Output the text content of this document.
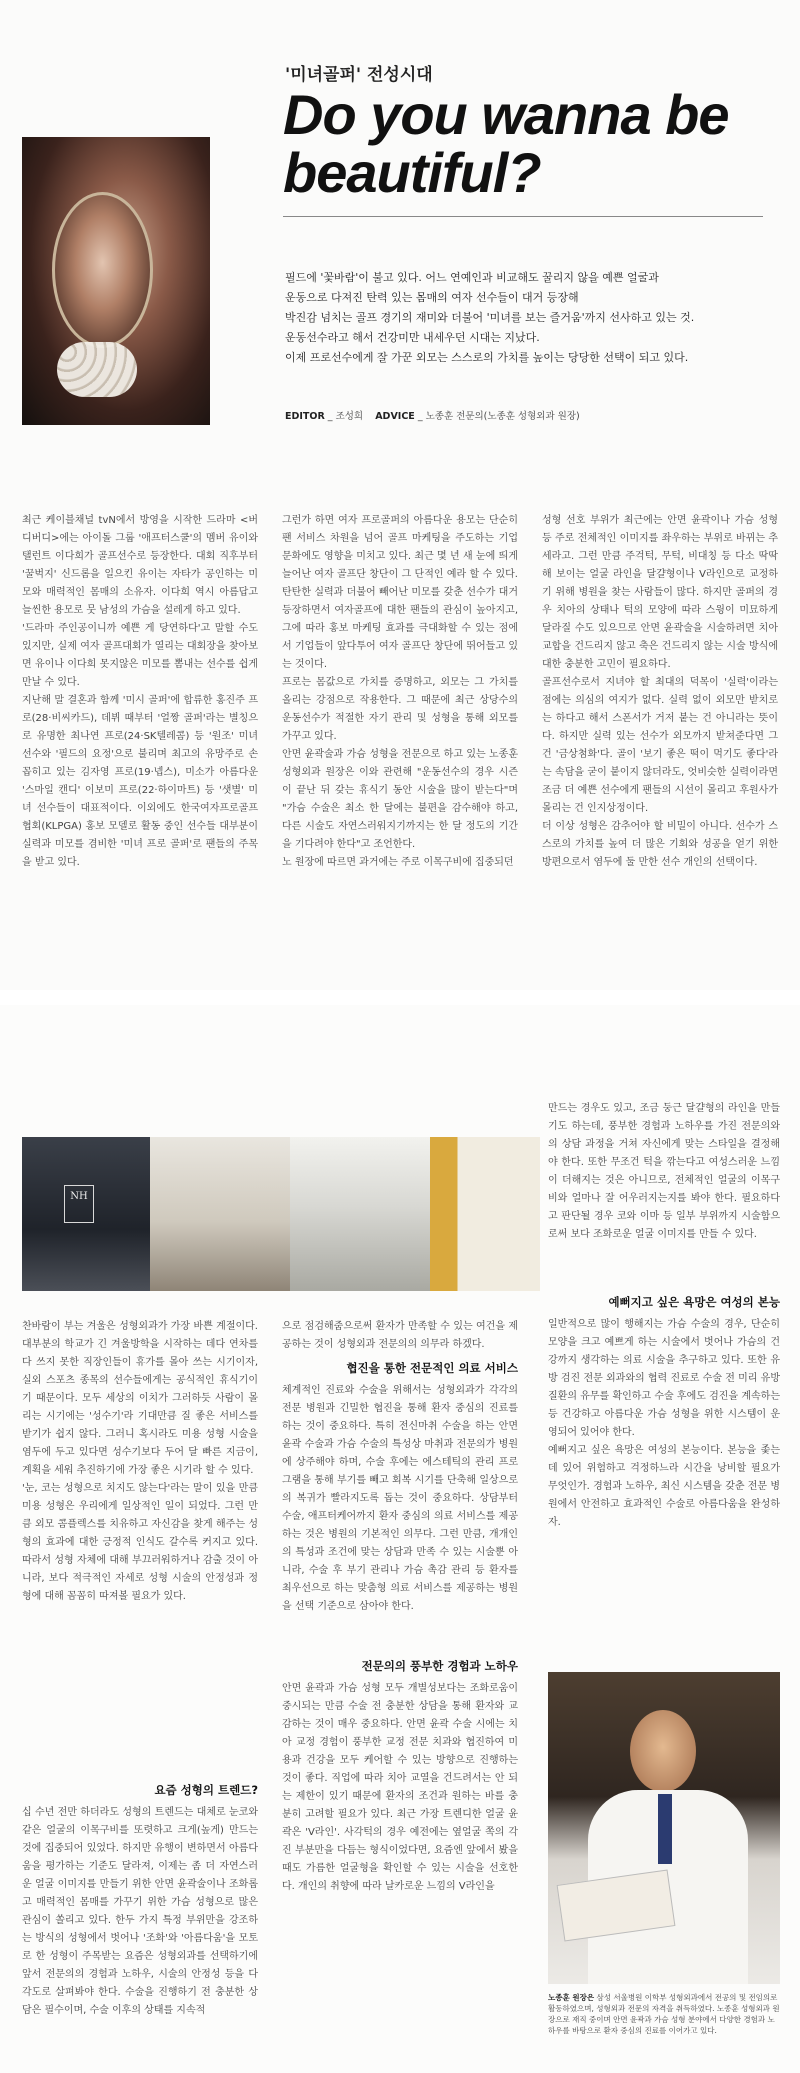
'미녀골퍼' 전성시대
Do you wanna be beautiful?

필드에 '꽃바람'이 불고 있다. 어느 연예인과 비교해도 꿀리지 않을 예쁜 얼굴과

운동으로 다져진 탄력 있는 몸매의 여자 선수들이 대거 등장해

박진감 넘치는 골프 경기의 재미와 더불어 '미녀를 보는 즐거움'까지 선사하고 있는 것.

운동선수라고 해서 건강미만 내세우던 시대는 지났다.

이제 프로선수에게 잘 가꾼 외모는 스스로의 가치를 높이는 당당한 선택이 되고 있다.

EDITOR _ 조성희 ADVICE _ 노종훈 전문의(노종훈 성형외과 원장)

최근 케이블채널 tvN에서 방영을 시작한 드라마 <버디버디>에는 아이돌 그룹 '애프터스쿨'의 멤버 유이와 탤런트 이다희가 골프선수로 등장한다. 대회 직후부터 '꿀벅지' 신드롬을 일으킨 유이는 자타가 공인하는 미모와 매력적인 몸매의 소유자. 이다희 역시 아름답고 늘씬한 용모로 뭇 남성의 가슴을 설레게 하고 있다.

'드라마 주인공이니까 예쁜 게 당연하다'고 말할 수도 있지만, 실제 여자 골프대회가 열리는 대회장을 찾아보면 유이나 이다희 못지않은 미모를 뽐내는 선수를 쉽게 만날 수 있다.

지난해 말 결혼과 함께 '미시 골퍼'에 합류한 홍진주 프로(28·비씨카드), 데뷔 때부터 '얼짱 골퍼'라는 별칭으로 유명한 최나연 프로(24·SK텔레콤) 등 '원조' 미녀 선수와 '필드의 요정'으로 불리며 최고의 유망주로 손꼽히고 있는 김자영 프로(19·넵스), 미소가 아름다운 '스마일 캔디' 이보미 프로(22·하이마트) 등 '샛별' 미녀 선수들이 대표적이다. 이외에도 한국여자프로골프협회(KLPGA) 홍보 모델로 활동 중인 선수들 대부분이 실력과 미모를 겸비한 '미녀 프로 골퍼'로 팬들의 주목을 받고 있다.

그런가 하면 여자 프로골퍼의 아름다운 용모는 단순히 팬 서비스 차원을 넘어 골프 마케팅을 주도하는 기업 문화에도 영향을 미치고 있다. 최근 몇 년 새 눈에 띄게 늘어난 여자 골프단 창단이 그 단적인 예라 할 수 있다. 탄탄한 실력과 더불어 빼어난 미모를 갖춘 선수가 대거 등장하면서 여자골프에 대한 팬들의 관심이 높아지고, 그에 따라 홍보 마케팅 효과를 극대화할 수 있는 점에서 기업들이 앞다투어 여자 골프단 창단에 뛰어들고 있는 것이다.

프로는 몸값으로 가치를 증명하고, 외모는 그 가치를 올리는 강점으로 작용한다. 그 때문에 최근 상당수의 운동선수가 적절한 자기 관리 및 성형을 통해 외모를 가꾸고 있다.

안면 윤곽술과 가슴 성형을 전문으로 하고 있는 노종훈 성형외과 원장은 이와 관련해 "운동선수의 경우 시즌이 끝난 뒤 갖는 휴식기 동안 시술을 많이 받는다"며 "가슴 수술은 최소 한 달에는 불편을 감수해야 하고, 다른 시술도 자연스러워지기까지는 한 달 정도의 기간을 기다려야 한다"고 조언한다.

노 원장에 따르면 과거에는 주로 이목구비에 집중되던

성형 선호 부위가 최근에는 안면 윤곽이나 가슴 성형 등 주로 전체적인 이미지를 좌우하는 부위로 바뀌는 추세라고. 그런 만큼 주걱턱, 무턱, 비대칭 등 다소 딱딱해 보이는 얼굴 라인을 달걀형이나 V라인으로 교정하기 위해 병원을 찾는 사람들이 많다. 하지만 골퍼의 경우 치아의 상태나 턱의 모양에 따라 스윙이 미묘하게 달라질 수도 있으므로 안면 윤곽술을 시술하려면 치아 교합을 건드리지 않고 축은 건드리지 않는 시술 방식에 대한 충분한 고민이 필요하다.

골프선수로서 지녀야 할 최대의 덕목이 '실력'이라는 점에는 의심의 여지가 없다. 실력 없이 외모만 받치로는 하다고 해서 스폰서가 거저 붙는 건 아니라는 뜻이다. 하지만 실력 있는 선수가 외모까지 받쳐준다면 그건 '금상첨화'다. 골이 '보기 좋은 떡이 먹기도 좋다'라는 속담을 굳이 붙이지 않더라도, 엇비슷한 실력이라면 조금 더 예쁜 선수에게 팬들의 시선이 몰리고 후원사가 몰리는 건 인지상정이다.

더 이상 성형은 감추어야 할 비밀이 아니다. 선수가 스스로의 가치를 높여 더 많은 기회와 성공을 얻기 위한 방편으로서 염두에 둘 만한 선수 개인의 선택이다.

NH

만드는 경우도 있고, 조금 둥근 달걀형의 라인을 만들기도 하는데, 풍부한 경험과 노하우를 가진 전문의와의 상담 과정을 거쳐 자신에게 맞는 스타일을 결정해야 한다. 또한 무조건 턱을 깎는다고 여성스러운 느낌이 더해지는 것은 아니므로, 전체적인 얼굴의 이목구비와 얼마나 잘 어우러지는지를 봐야 한다. 필요하다고 판단될 경우 코와 이마 등 일부 부위까지 시술함으로써 보다 조화로운 얼굴 이미지를 만들 수 있다.

예뻐지고 싶은 욕망은 여성의 본능

일반적으로 많이 행해지는 가슴 수술의 경우, 단순히 모양을 크고 예쁘게 하는 시술에서 벗어나 가슴의 건강까지 생각하는 의료 시술을 추구하고 있다. 또한 유방 검진 전문 외과와의 협력 진료로 수술 전 미리 유방 질환의 유무를 확인하고 수술 후에도 검진을 계속하는 등 건강하고 아름다운 가슴 성형을 위한 시스템이 운영되어 있어야 한다.

예뻐지고 싶은 욕망은 여성의 본능이다. 본능을 좇는데 있어 위험하고 걱정하느라 시간을 낭비할 필요가 무엇인가. 경험과 노하우, 최신 시스템을 갖춘 전문 병원에서 안전하고 효과적인 수술로 아름다움을 완성하자.

찬바람이 부는 겨울은 성형외과가 가장 바쁜 계절이다. 대부분의 학교가 긴 겨울방학을 시작하는 데다 연차를 다 쓰지 못한 직장인들이 휴가를 몰아 쓰는 시기이자, 실외 스포츠 종목의 선수들에게는 공식적인 휴식기이기 때문이다. 모두 세상의 이치가 그러하듯 사람이 몰리는 시기에는 '성수기'라 기대만큼 질 좋은 서비스를 받기가 쉽지 않다. 그러니 혹시라도 미용 성형 시술을 염두에 두고 있다면 성수기보다 두어 달 빠른 지금이, 계획을 세워 추진하기에 가장 좋은 시기라 할 수 있다.

'눈, 코는 성형으로 치지도 않는다'라는 말이 있을 만큼 미용 성형은 우리에게 일상적인 일이 되었다. 그런 만큼 외모 콤플렉스를 치유하고 자신감을 찾게 해주는 성형의 효과에 대한 긍정적 인식도 갈수록 커지고 있다. 따라서 성형 자체에 대해 부끄러워하거나 감출 것이 아니라, 보다 적극적인 자세로 성형 시술의 안정성과 정형에 대해 꼼꼼히 따져볼 필요가 있다.

요즘 성형의 트렌드?

십 수년 전만 하더라도 성형의 트렌드는 대체로 눈코와 같은 얼굴의 이목구비를 또렷하고 크게(높게) 만드는 것에 집중되어 있었다. 하지만 유행이 변하면서 아름다움을 평가하는 기준도 달라져, 이제는 좀 더 자연스러운 얼굴 이미지를 만들기 위한 안면 윤곽술이나 조화롭고 매력적인 몸매를 가꾸기 위한 가슴 성형으로 많은 관심이 쏠리고 있다. 한두 가지 특정 부위만을 강조하는 방식의 성형에서 벗어나 '조화'와 '아름다움'을 모토로 한 성형이 주목받는 요즘은 성형외과를 선택하기에 앞서 전문의의 경험과 노하우, 시술의 안정성 등을 다각도로 살펴봐야 한다. 수술을 진행하기 전 충분한 상담은 필수이며, 수술 이후의 상태를 지속적

으로 점검해줌으로써 환자가 만족할 수 있는 여건을 제공하는 것이 성형외과 전문의의 의무라 하겠다.

협진을 통한 전문적인 의료 서비스

체계적인 진료와 수술을 위해서는 성형외과가 각각의 전문 병원과 긴밀한 협진을 통해 환자 중심의 진료를 하는 것이 중요하다. 특히 전신마취 수술을 하는 안면 윤곽 수술과 가슴 수술의 특성상 마취과 전문의가 병원에 상주해야 하며, 수술 후에는 에스테틱의 관리 프로그램을 통해 부기를 빼고 회복 시기를 단축해 일상으로의 복귀가 빨라지도록 돕는 것이 중요하다. 상담부터 수술, 애프터케어까지 환자 중심의 의료 서비스를 제공하는 것은 병원의 기본적인 의무다. 그런 만큼, 개개인의 특성과 조건에 맞는 상담과 만족 수 있는 시술뿐 아니라, 수술 후 부기 관리나 가슴 촉감 관리 등 환자를 최우선으로 하는 맞춤형 의료 서비스를 제공하는 병원을 선택 기준으로 삼아야 한다.

전문의의 풍부한 경험과 노하우

안면 윤곽과 가슴 성형 모두 개별성보다는 조화로움이 중시되는 만큼 수술 전 충분한 상담을 통해 환자와 교감하는 것이 매우 중요하다. 안면 윤곽 수술 시에는 치아 교정 경험이 풍부한 교정 전문 치과와 협진하여 미용과 건강을 모두 케어할 수 있는 방향으로 진행하는 것이 좋다. 직업에 따라 치아 교열을 건드려서는 안 되는 제한이 있기 때문에 환자의 조건과 원하는 바를 충분히 고려할 필요가 있다. 최근 가장 트렌디한 얼굴 윤곽은 'V라인'. 사각턱의 경우 예전에는 옆얼굴 쪽의 각진 부분만을 다듬는 형식이었다면, 요즘엔 앞에서 봤을 때도 가름한 얼굴형을 확인할 수 있는 시술을 선호한다. 개인의 취향에 따라 날카로운 느낌의 V라인을

노종훈 원장은 삼성 서울병원 이학부 성형외과에서 전공의 및 전임의로 활동하였으며, 성형외과 전문의 자격을 취득하였다. 노종훈 성형외과 원장으로 재직 중이며 안면 윤곽과 가슴 성형 분야에서 다양한 경험과 노하우를 바탕으로 환자 중심의 진료를 이어가고 있다.
